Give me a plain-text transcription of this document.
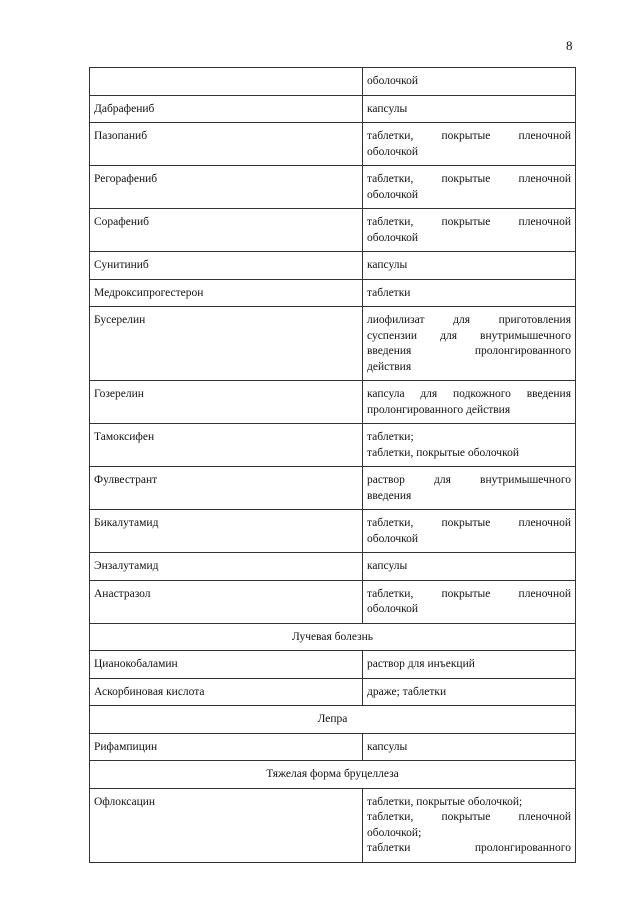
8

	оболочкой

Дабрафениб	капсулы

Пазопаниб	таблетки, покрытые пленочной
оболочкой

Регорафениб	таблетки, покрытые пленочной
оболочкой

Сорафениб	таблетки, покрытые пленочной
оболочкой

Сунитиниб	капсулы

Медроксипрогестерон	таблетки

Бусерелин	лиофилизат для приготовления
суспензии для внутримышечного
введения пролонгированного
действия

Гозерелин	капсула для подкожного введения
пролонгированного действия

Тамоксифен	таблетки;
таблетки, покрытые оболочкой

Фулвестрант	раствор для внутримышечного
введения

Бикалутамид	таблетки, покрытые пленочной
оболочкой

Энзалутамид	капсулы

Анастразол	таблетки, покрытые пленочной
оболочкой

Лучевая болезнь	
Цианокобаламин	раствор для инъекций

Аскорбиновая кислота	драже; таблетки

Лепра	
Рифампицин	капсулы

Тяжелая форма бруцеллеза	
Офлоксацин	таблетки, покрытые оболочкой;
таблетки, покрытые пленочной
оболочкой;
таблетки пролонгированного
